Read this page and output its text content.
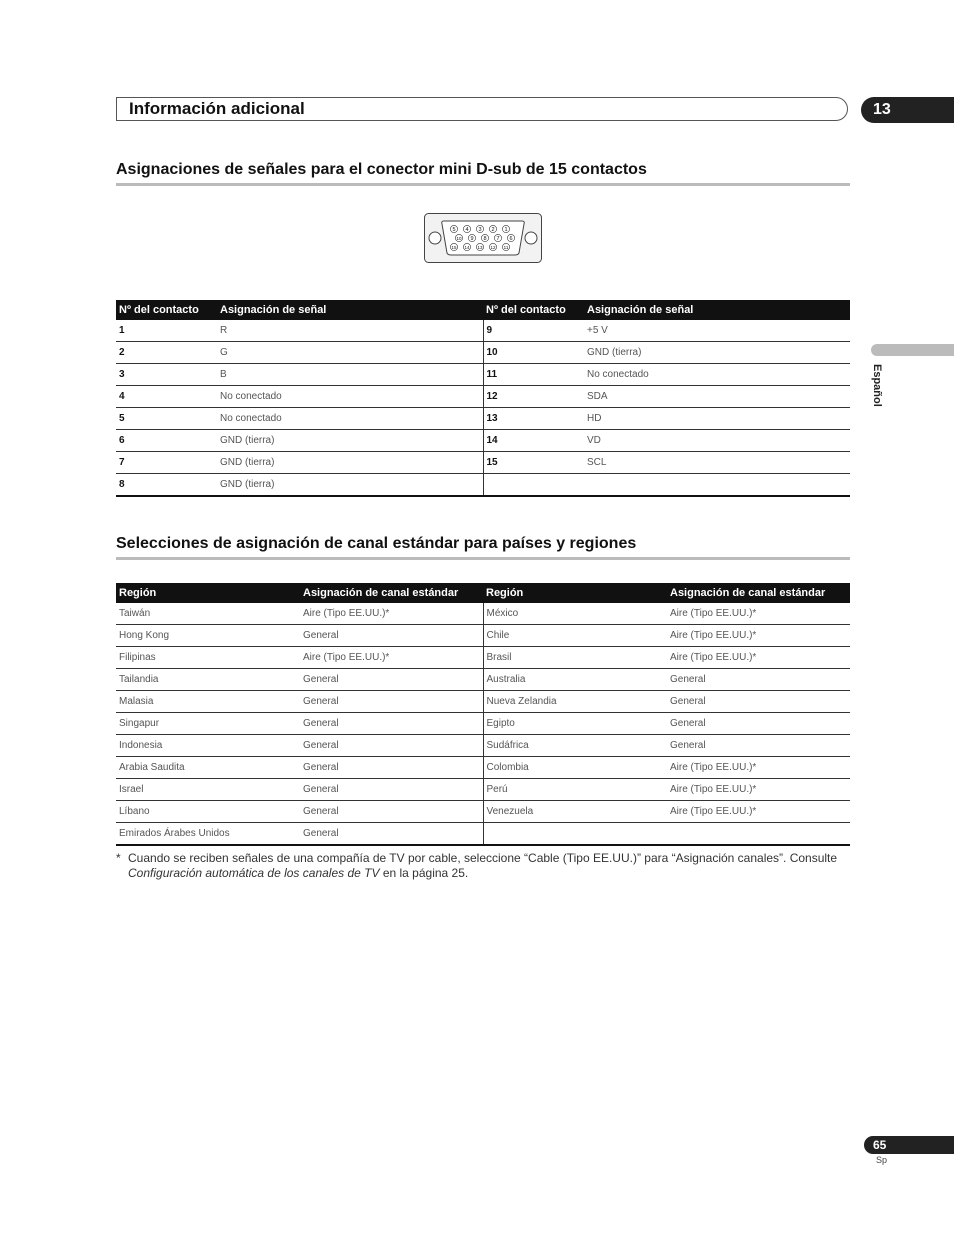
Información adicional	13
Asignaciones de señales para el conector mini D-sub de 15 contactos
5 4 3 2 1
10 9 8 7 6
15 14 13 12 11
Nº del contacto	Asignación de señal	Nº del contacto	Asignación de señal
1	R	9	+5 V
2	G	10	GND (tierra)
3	B	11	No conectado
4	No conectado	12	SDA
5	No conectado	13	HD
6	GND (tierra)	14	VD
7	GND (tierra)	15	SCL
8	GND (tierra)		
Selecciones de asignación de canal estándar para países y regiones
Región	Asignación de canal estándar	Región	Asignación de canal estándar
Taiwán	Aire (Tipo EE.UU.)*	México	Aire (Tipo EE.UU.)*
Hong Kong	General	Chile	Aire (Tipo EE.UU.)*
Filipinas	Aire (Tipo EE.UU.)*	Brasil	Aire (Tipo EE.UU.)*
Tailandia	General	Australia	General
Malasia	General	Nueva Zelandia	General
Singapur	General	Egipto	General
Indonesia	General	Sudáfrica	General
Arabia Saudita	General	Colombia	Aire (Tipo EE.UU.)*
Israel	General	Perú	Aire (Tipo EE.UU.)*
Líbano	General	Venezuela	Aire (Tipo EE.UU.)*
Emirados Árabes Unidos	General		
* Cuando se reciben señales de una compañía de TV por cable, seleccione “Cable (Tipo EE.UU.)” para “Asignación canales”. Consulte Configuración automática de los canales de TV en la página 25.
Español
65
Sp
